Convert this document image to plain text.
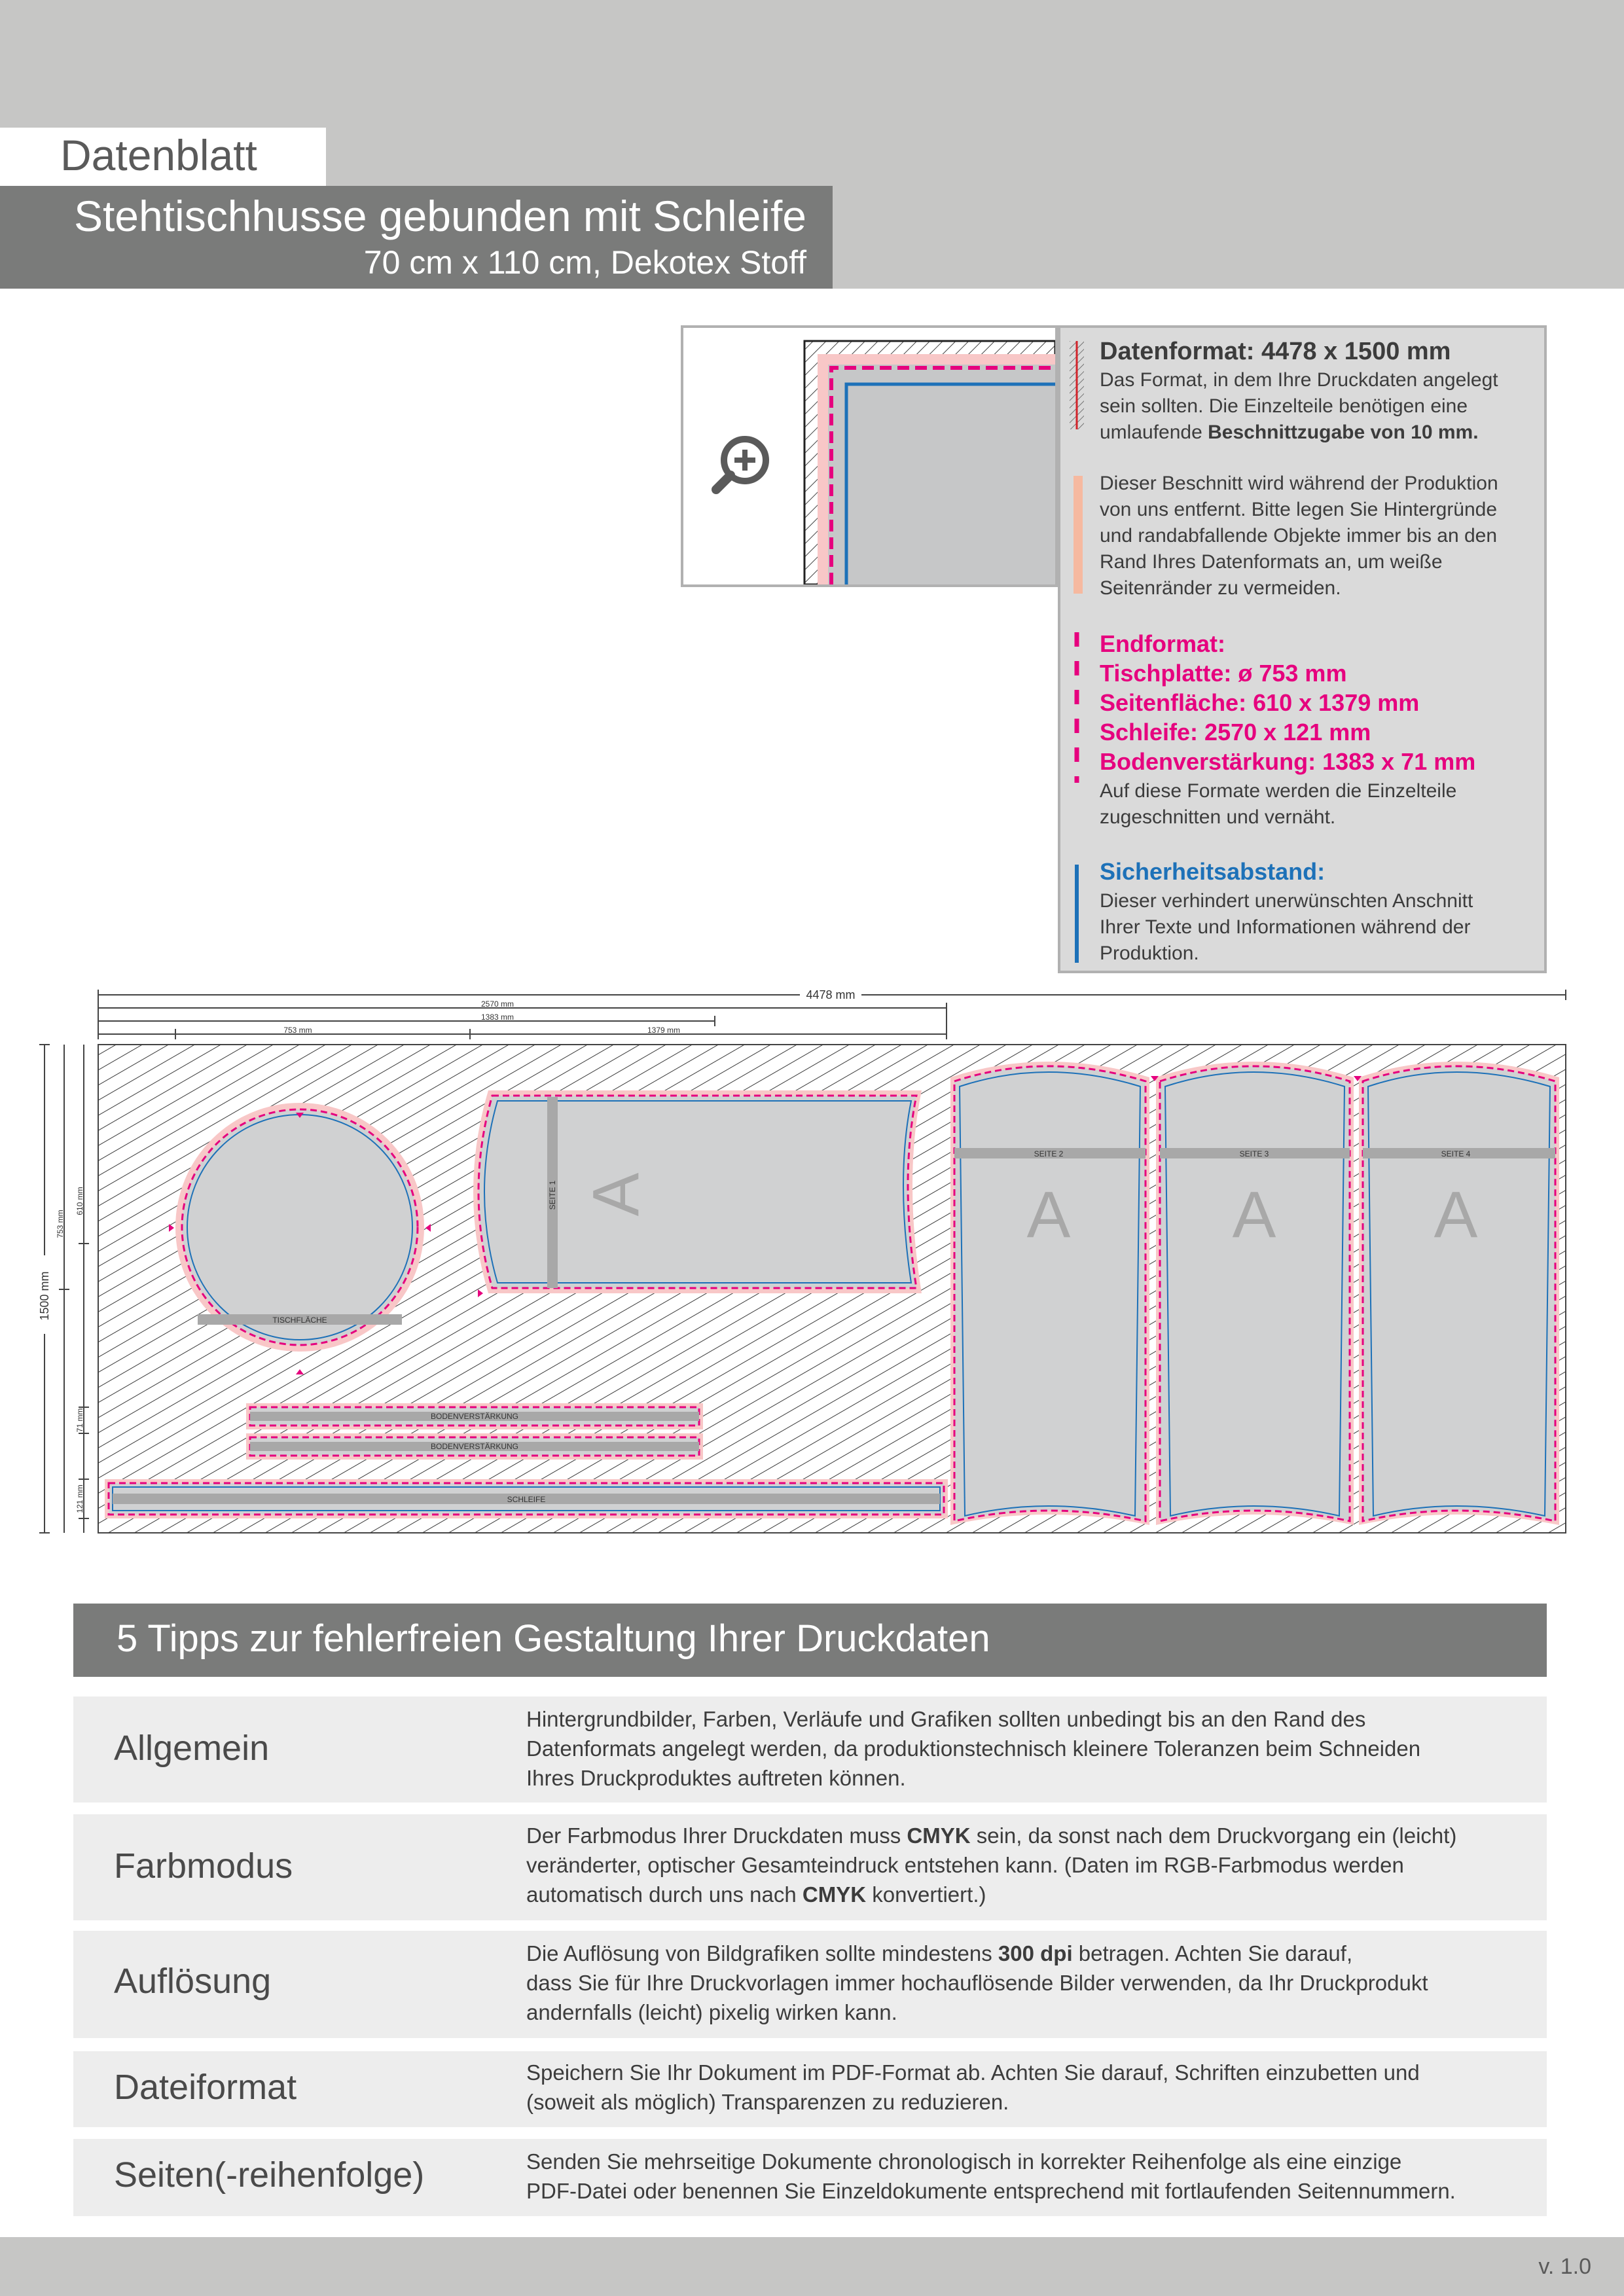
Datenblatt
Stehtischhusse gebunden mit Schleife
70 cm x 110 cm, Dekotex Stoff
Datenformat: 4478 x 1500 mm
Das Format, in dem Ihre Druckdaten angelegt
sein sollten. Die Einzelteile benötigen eine
umlaufende Beschnittzugabe von 10 mm.
Dieser Beschnitt wird während der Produktion
von uns entfernt. Bitte legen Sie Hintergründe
und randabfallende Objekte immer bis an den
Rand Ihres Datenformats an, um weiße
Seitenränder zu vermeiden.
Endformat:
Tischplatte: ø 753 mm
Seitenfläche: 610 x 1379 mm
Schleife: 2570 x 121 mm
Bodenverstärkung: 1383 x 71 mm
Auf diese Formate werden die Einzelteile
zugeschnitten und vernäht.
Sicherheitsabstand:
Dieser verhindert unerwünschten Anschnitt
Ihrer Texte und Informationen während der
Produktion.
4478 mm
2570 mm
1383 mm
753 mm	1379 mm
1500 mm
753 mm
610 mm
71 mm
121 mm
TISCHFLÄCHE
SEITE 1 A
SEITE 2
A
SEITE 3
A
SEITE 4
A
BODENVERSTÄRKUNG
BODENVERSTÄRKUNG
SCHLEIFE
5 Tipps zur fehlerfreien Gestaltung Ihrer Druckdaten
Allgemein
Hintergrundbilder, Farben, Verläufe und Grafiken sollten unbedingt bis an den Rand des
Datenformats angelegt werden, da produktionstechnisch kleinere Toleranzen beim Schneiden
Ihres Druckproduktes auftreten können.
Farbmodus
Der Farbmodus Ihrer Druckdaten muss CMYK sein, da sonst nach dem Druckvorgang ein (leicht)
veränderter, optischer Gesamteindruck entstehen kann. (Daten im RGB-Farbmodus werden
automatisch durch uns nach CMYK konvertiert.)
Auflösung
Die Auflösung von Bildgrafiken sollte mindestens 300 dpi betragen. Achten Sie darauf,
dass Sie für Ihre Druckvorlagen immer hochauflösende Bilder verwenden, da Ihr Druckprodukt
andernfalls (leicht) pixelig wirken kann.
Dateiformat	Speichern Sie Ihr Dokument im PDF-Format ab. Achten Sie darauf, Schriften einzubetten und
(soweit als möglich) Transparenzen zu reduzieren.
Seiten(-reihenfolge)	Senden Sie mehrseitige Dokumente chronologisch in korrekter Reihenfolge als eine einzige
PDF-Datei oder benennen Sie Einzeldokumente entsprechend mit fortlaufenden Seitennummern.
v. 1.0
